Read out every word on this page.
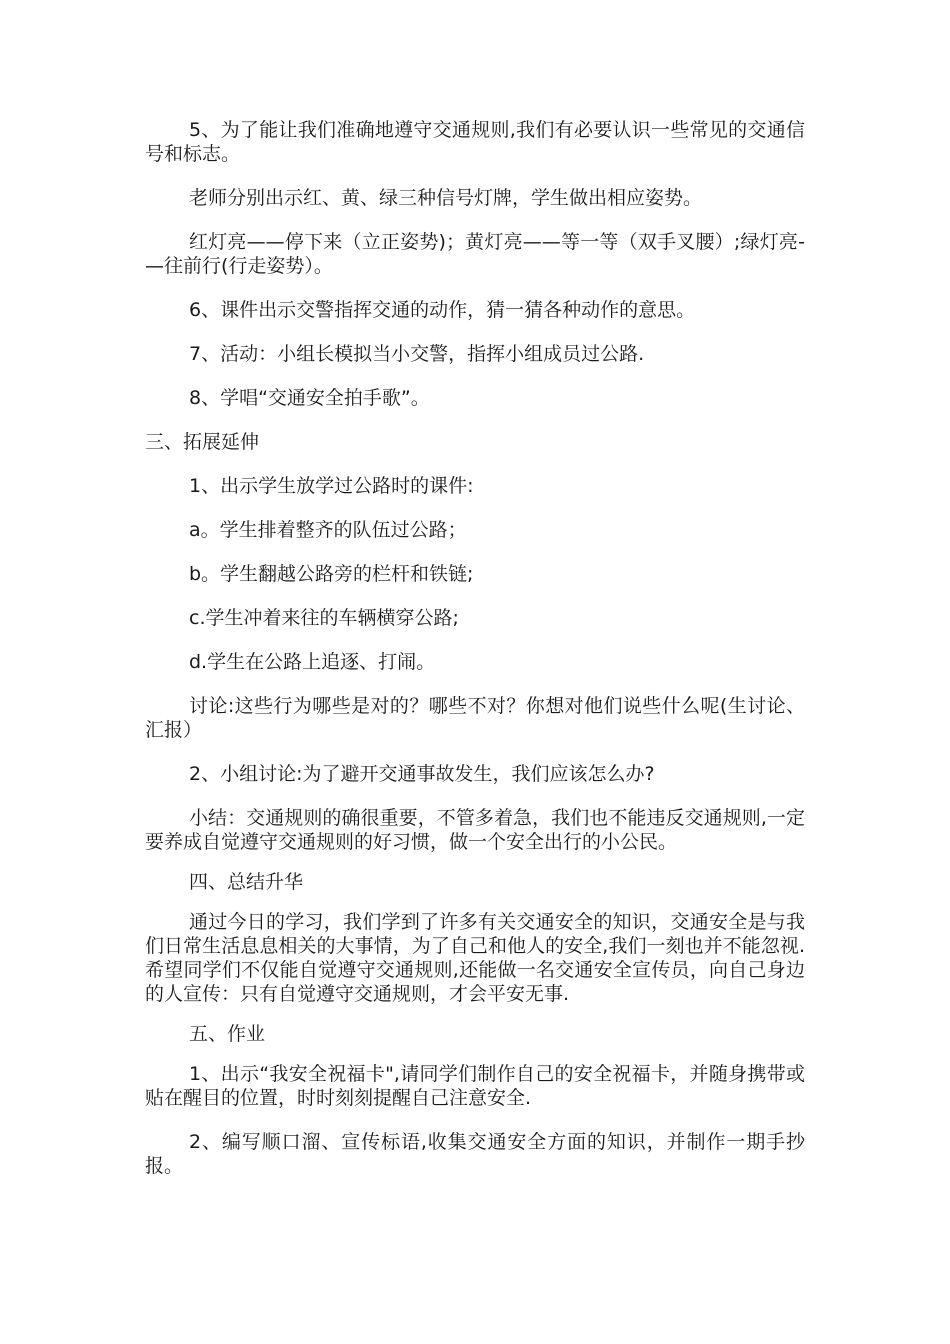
5、为了能让我们准确地遵守交通规则,我们有必要认识一些常见的交通信号和标志。

老师分别出示红、黄、绿三种信号灯牌，学生做出相应姿势。

红灯亮——停下来（立正姿势)；黄灯亮——等一等（双手叉腰）;绿灯亮-—往前行(行走姿势）。

6、课件出示交警指挥交通的动作，猜一猜各种动作的意思。

7、活动：小组长模拟当小交警，指挥小组成员过公路.

8、学唱“交通安全拍手歌”。

三、拓展延伸

1、出示学生放学过公路时的课件:

a。学生排着整齐的队伍过公路；

b。学生翻越公路旁的栏杆和铁链;

c.学生冲着来往的车辆横穿公路;

d.学生在公路上追逐、打闹。

讨论:这些行为哪些是对的？哪些不对？你想对他们说些什么呢(生讨论、汇报）

2、小组讨论:为了避开交通事故发生，我们应该怎么办?

小结：交通规则的确很重要，不管多着急，我们也不能违反交通规则,一定要养成自觉遵守交通规则的好习惯，做一个安全出行的小公民。

四、总结升华

通过今日的学习，我们学到了许多有关交通安全的知识，交通安全是与我们日常生活息息相关的大事情，为了自己和他人的安全,我们一刻也并不能忽视.希望同学们不仅能自觉遵守交通规则,还能做一名交通安全宣传员，向自己身边的人宣传：只有自觉遵守交通规则，才会平安无事.

五、作业

1、出示“我安全祝福卡",请同学们制作自己的安全祝福卡，并随身携带或贴在醒目的位置，时时刻刻提醒自己注意安全.

2、编写顺口溜、宣传标语,收集交通安全方面的知识，并制作一期手抄报。
